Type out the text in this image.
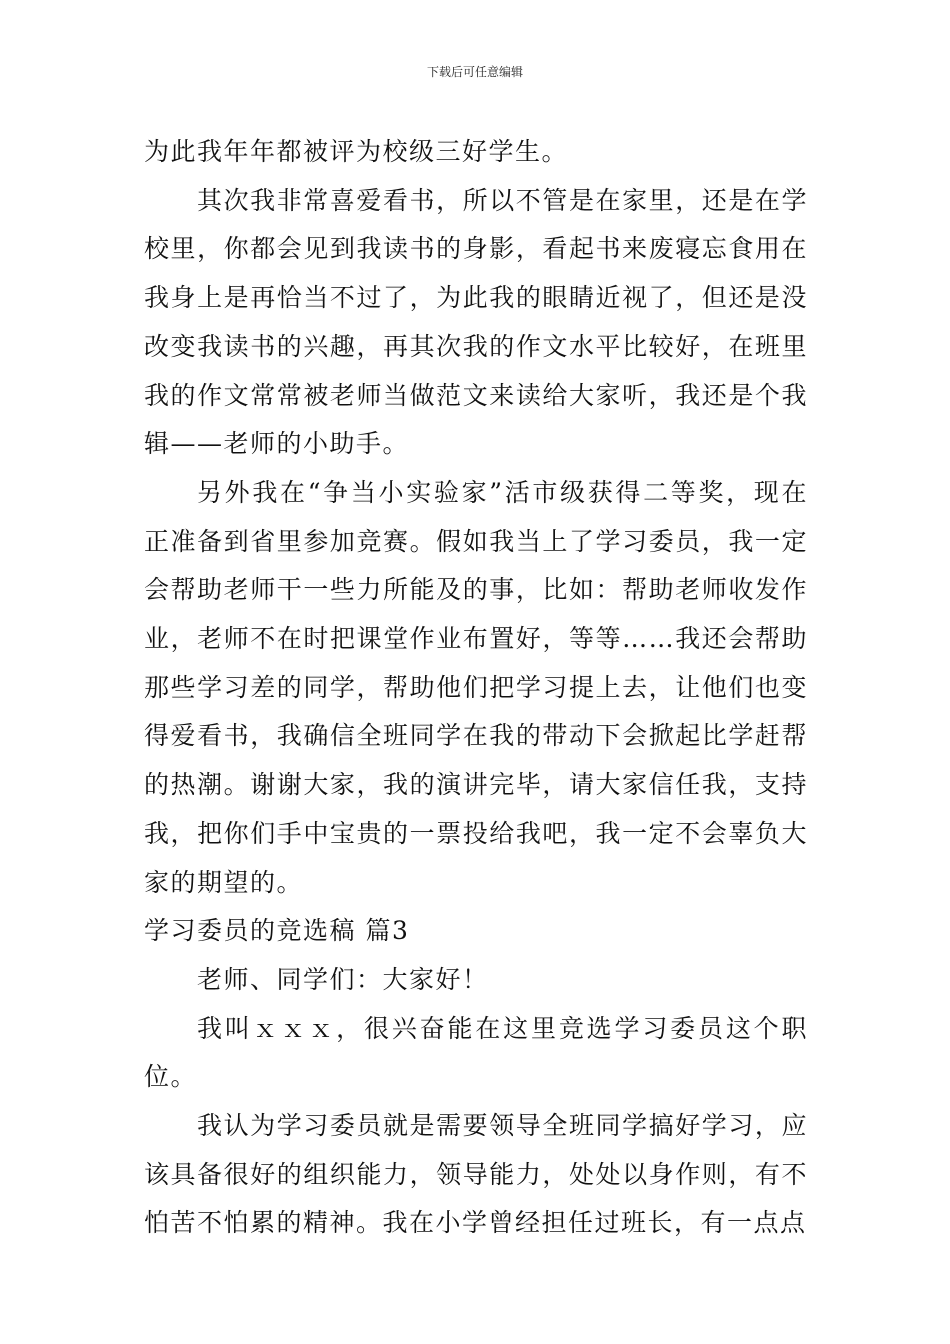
下载后可任意编辑

为此我年年都被评为校级三好学生。

其次我非常喜爱看书，所以不管是在家里，还是在学校里，你都会见到我读书的身影，看起书来废寝忘食用在我身上是再恰当不过了，为此我的眼睛近视了，但还是没改变我读书的兴趣，再其次我的作文水平比较好，在班里我的作文常常被老师当做范文来读给大家听，我还是个我辑——老师的小助手。

另外我在“争当小实验家”活市级获得二等奖，现在正准备到省里参加竞赛。假如我当上了学习委员，我一定会帮助老师干一些力所能及的事，比如：帮助老师收发作业，老师不在时把课堂作业布置好，等等……我还会帮助那些学习差的同学，帮助他们把学习提上去，让他们也变得爱看书，我确信全班同学在我的带动下会掀起比学赶帮的热潮。谢谢大家，我的演讲完毕，请大家信任我，支持我，把你们手中宝贵的一票投给我吧，我一定不会辜负大家的期望的。

学习委员的竞选稿 篇3

老师、同学们：大家好！

我叫ｘｘｘ，很兴奋能在这里竞选学习委员这个职位。

我认为学习委员就是需要领导全班同学搞好学习，应该具备很好的组织能力，领导能力，处处以身作则，有不怕苦不怕累的精神。我在小学曾经担任过班长，有一点点
